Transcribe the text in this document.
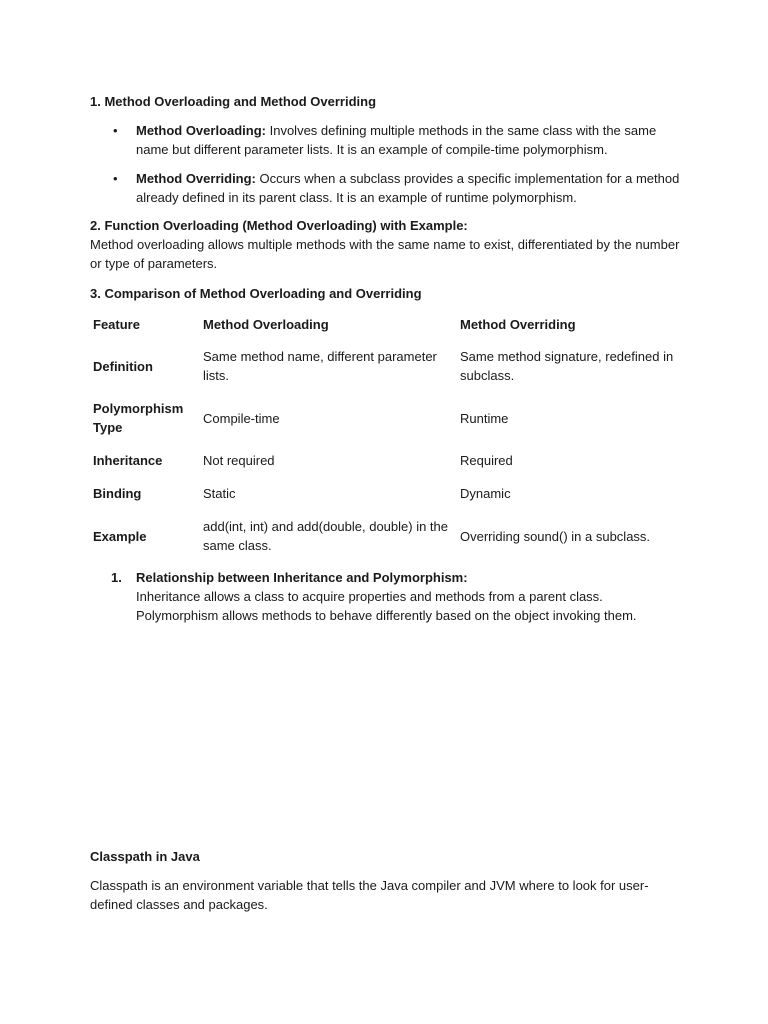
1. Method Overloading and Method Overriding
• Method Overloading: Involves defining multiple methods in the same class with the same name but different parameter lists. It is an example of compile-time polymorphism.
• Method Overriding: Occurs when a subclass provides a specific implementation for a method already defined in its parent class. It is an example of runtime polymorphism.
2. Function Overloading (Method Overloading) with Example:
Method overloading allows multiple methods with the same name to exist, differentiated by the number or type of parameters.
3. Comparison of Method Overloading and Overriding
Feature	Method Overloading	Method Overriding
Definition	Same method name, different parameter lists.	Same method signature, redefined in subclass.
Polymorphism Type	Compile-time	Runtime
Inheritance	Not required	Required
Binding	Static	Dynamic
Example	add(int, int) and add(double, double) in the same class.	Overriding sound() in a subclass.
1. Relationship between Inheritance and Polymorphism:
Inheritance allows a class to acquire properties and methods from a parent class. Polymorphism allows methods to behave differently based on the object invoking them.
Classpath in Java
Classpath is an environment variable that tells the Java compiler and JVM where to look for user-defined classes and packages.
